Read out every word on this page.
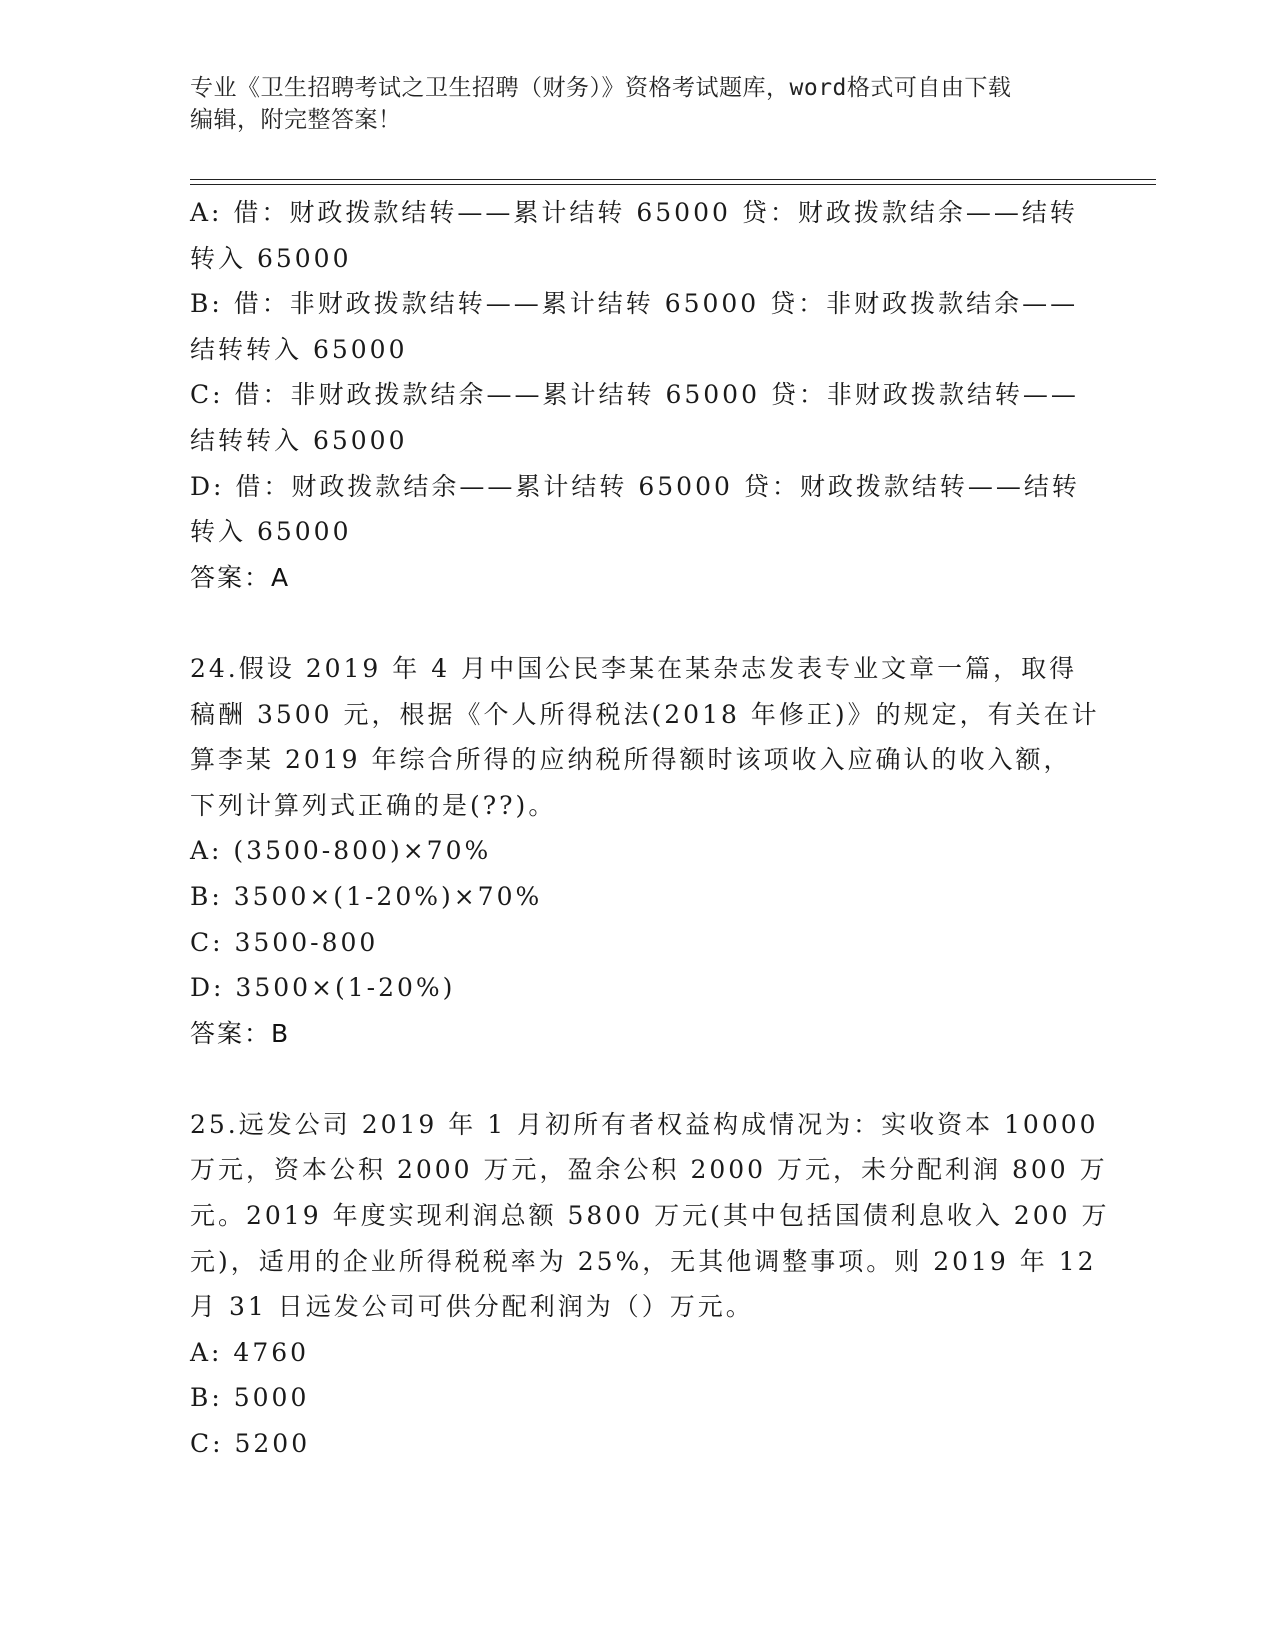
专业《卫生招聘考试之卫生招聘（财务）》资格考试题库，word格式可自由下载
编辑，附完整答案！
A: 借：财政拨款结转——累计结转 65000 贷：财政拨款结余——结转
转入 65000
B: 借：非财政拨款结转——累计结转 65000 贷：非财政拨款结余——
结转转入 65000
C: 借：非财政拨款结余——累计结转 65000 贷：非财政拨款结转——
结转转入 65000
D: 借：财政拨款结余——累计结转 65000 贷：财政拨款结转——结转
转入 65000
答案：A
24.假设 2019 年 4 月中国公民李某在某杂志发表专业文章一篇，取得
稿酬 3500 元，根据《个人所得税法(2018 年修正)》的规定，有关在计
算李某 2019 年综合所得的应纳税所得额时该项收入应确认的收入额，
下列计算列式正确的是(??)。
A: (3500-800)×70%
B: 3500×(1-20%)×70%
C: 3500-800
D: 3500×(1-20%)
答案：B
25.远发公司 2019 年 1 月初所有者权益构成情况为：实收资本 10000
万元，资本公积 2000 万元，盈余公积 2000 万元，未分配利润 800 万
元。2019 年度实现利润总额 5800 万元(其中包括国债利息收入 200 万
元)，适用的企业所得税税率为 25%，无其他调整事项。则 2019 年 12
月 31 日远发公司可供分配利润为（）万元。
A: 4760
B: 5000
C: 5200
